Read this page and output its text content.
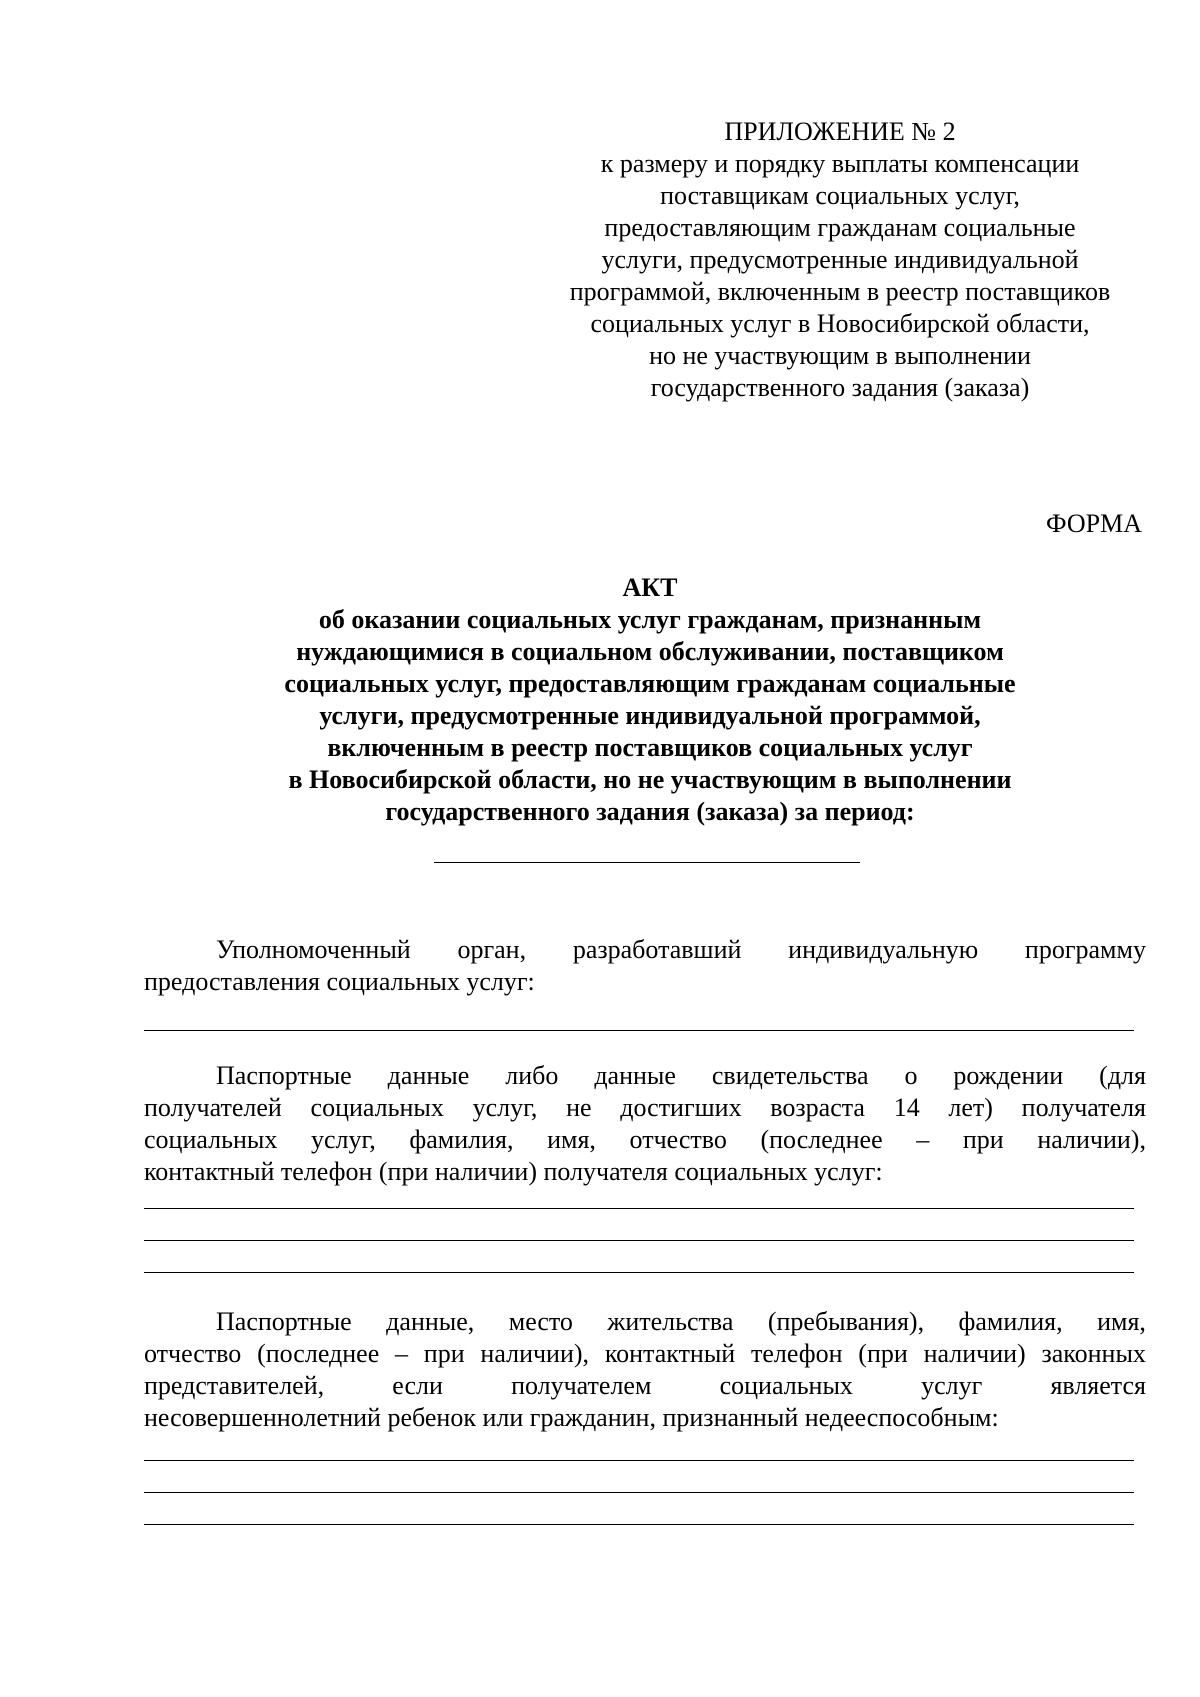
ПРИЛОЖЕНИЕ № 2
к размеру и порядку выплаты компенсации
поставщикам социальных услуг,
предоставляющим гражданам социальные
услуги, предусмотренные индивидуальной
программой, включенным в реестр поставщиков
социальных услуг в Новосибирской области,
но не участвующим в выполнении
государственного задания (заказа)
ФОРМА
АКТ
об оказании социальных услуг гражданам, признанным
нуждающимися в социальном обслуживании, поставщиком
социальных услуг, предоставляющим гражданам социальные
услуги, предусмотренные индивидуальной программой,
включенным в реестр поставщиков социальных услуг
в Новосибирской области, но не участвующим в выполнении
государственного задания (заказа) за период:
Уполномоченный орган, разработавший индивидуальную программу
предоставления социальных услуг:
Паспортные данные либо данные свидетельства о рождении (для
получателей социальных услуг, не достигших возраста 14 лет) получателя
социальных услуг, фамилия, имя, отчество (последнее – при наличии),
контактный телефон (при наличии) получателя социальных услуг:
Паспортные данные, место жительства (пребывания), фамилия, имя,
отчество (последнее – при наличии), контактный телефон (при наличии) законных
представителей,	если	получателем	социальных	услуг	является
несовершеннолетний ребенок или гражданин, признанный недееспособным:
